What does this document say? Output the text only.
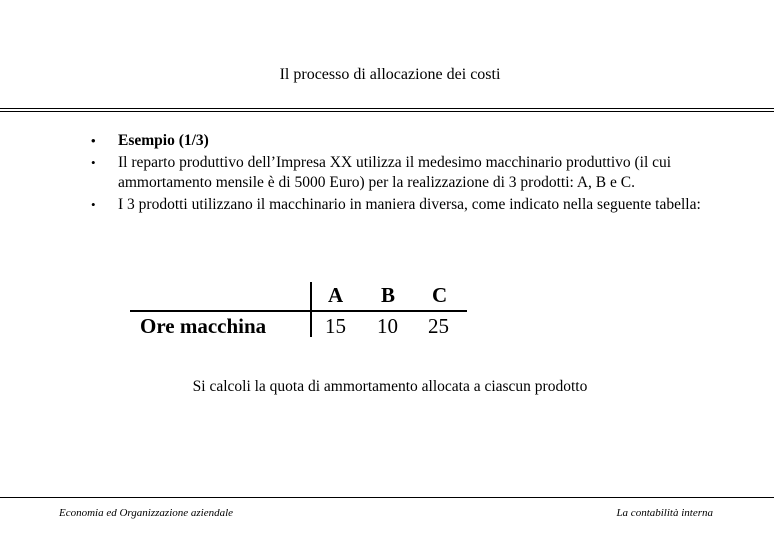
Il processo di allocazione dei costi
• Esempio (1/3)
• Il reparto produttivo dell’Impresa XX utilizza il medesimo macchinario produttivo (il cui ammortamento mensile è di 5000 Euro) per la realizzazione di 3 prodotti: A, B e C.
• I 3 prodotti utilizzano il macchinario in maniera diversa, come indicato nella seguente tabella:
A B C
Ore macchina	15 10 25
Si calcoli la quota di ammortamento allocata a ciascun prodotto
Economia ed Organizzazione aziendale	La contabilità interna
